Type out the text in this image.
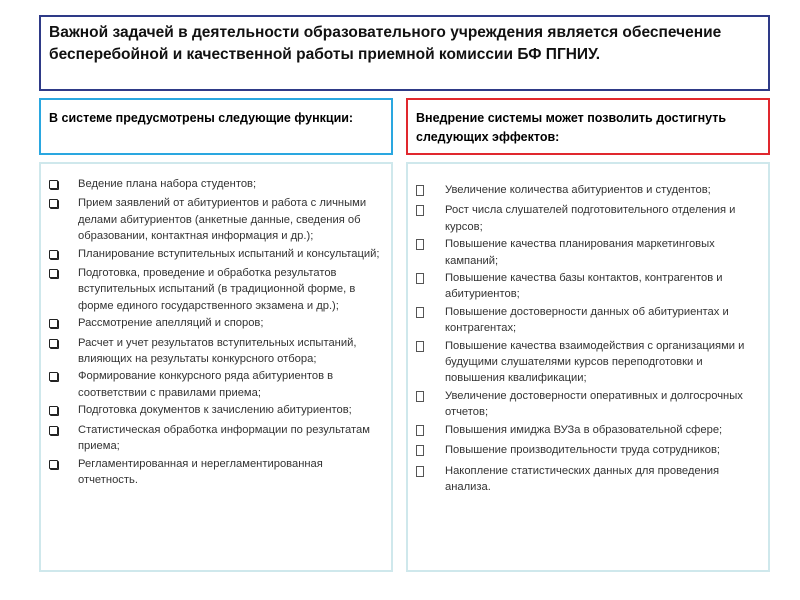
Важной задачей в деятельности образовательного учреждения является обеспечение бесперебойной и качественной работы приемной комиссии БФ ПГНИУ.
В системе предусмотрены следующие функции:	Внедрение системы может позволить достигнуть следующих эффектов:
Ведение плана набора студентов;
Прием заявлений от абитуриентов и работа с личными делами абитуриентов (анкетные данные, сведения об образовании, контактная информация и др.);
Планирование вступительных испытаний и консультаций;
Подготовка, проведение и обработка результатов вступительных испытаний (в традиционной форме, в форме единого государственного экзамена и др.);
Рассмотрение апелляций и споров;
Расчет и учет результатов вступительных испытаний, влияющих на результаты конкурсного отбора;
Формирование конкурсного ряда абитуриентов в соответствии с правилами приема;
Подготовка документов к зачислению абитуриентов;
Статистическая обработка информации по результатам приема;
Регламентированная и нерегламентированная отчетность.
Увеличение количества абитуриентов и студентов;
Рост числа слушателей подготовительного отделения и курсов;
Повышение качества планирования маркетинговых кампаний;
Повышение качества базы контактов, контрагентов и абитуриентов;
Повышение достоверности данных об абитуриентах и контрагентах;
Повышение качества взаимодействия с организациями и будущими слушателями курсов переподготовки и повышения квалификации;
Увеличение достоверности оперативных и долгосрочных отчетов;
Повышения имиджа ВУЗа в образовательной сфере;
Повышение производительности труда сотрудников;
Накопление статистических данных для проведения анализа.
